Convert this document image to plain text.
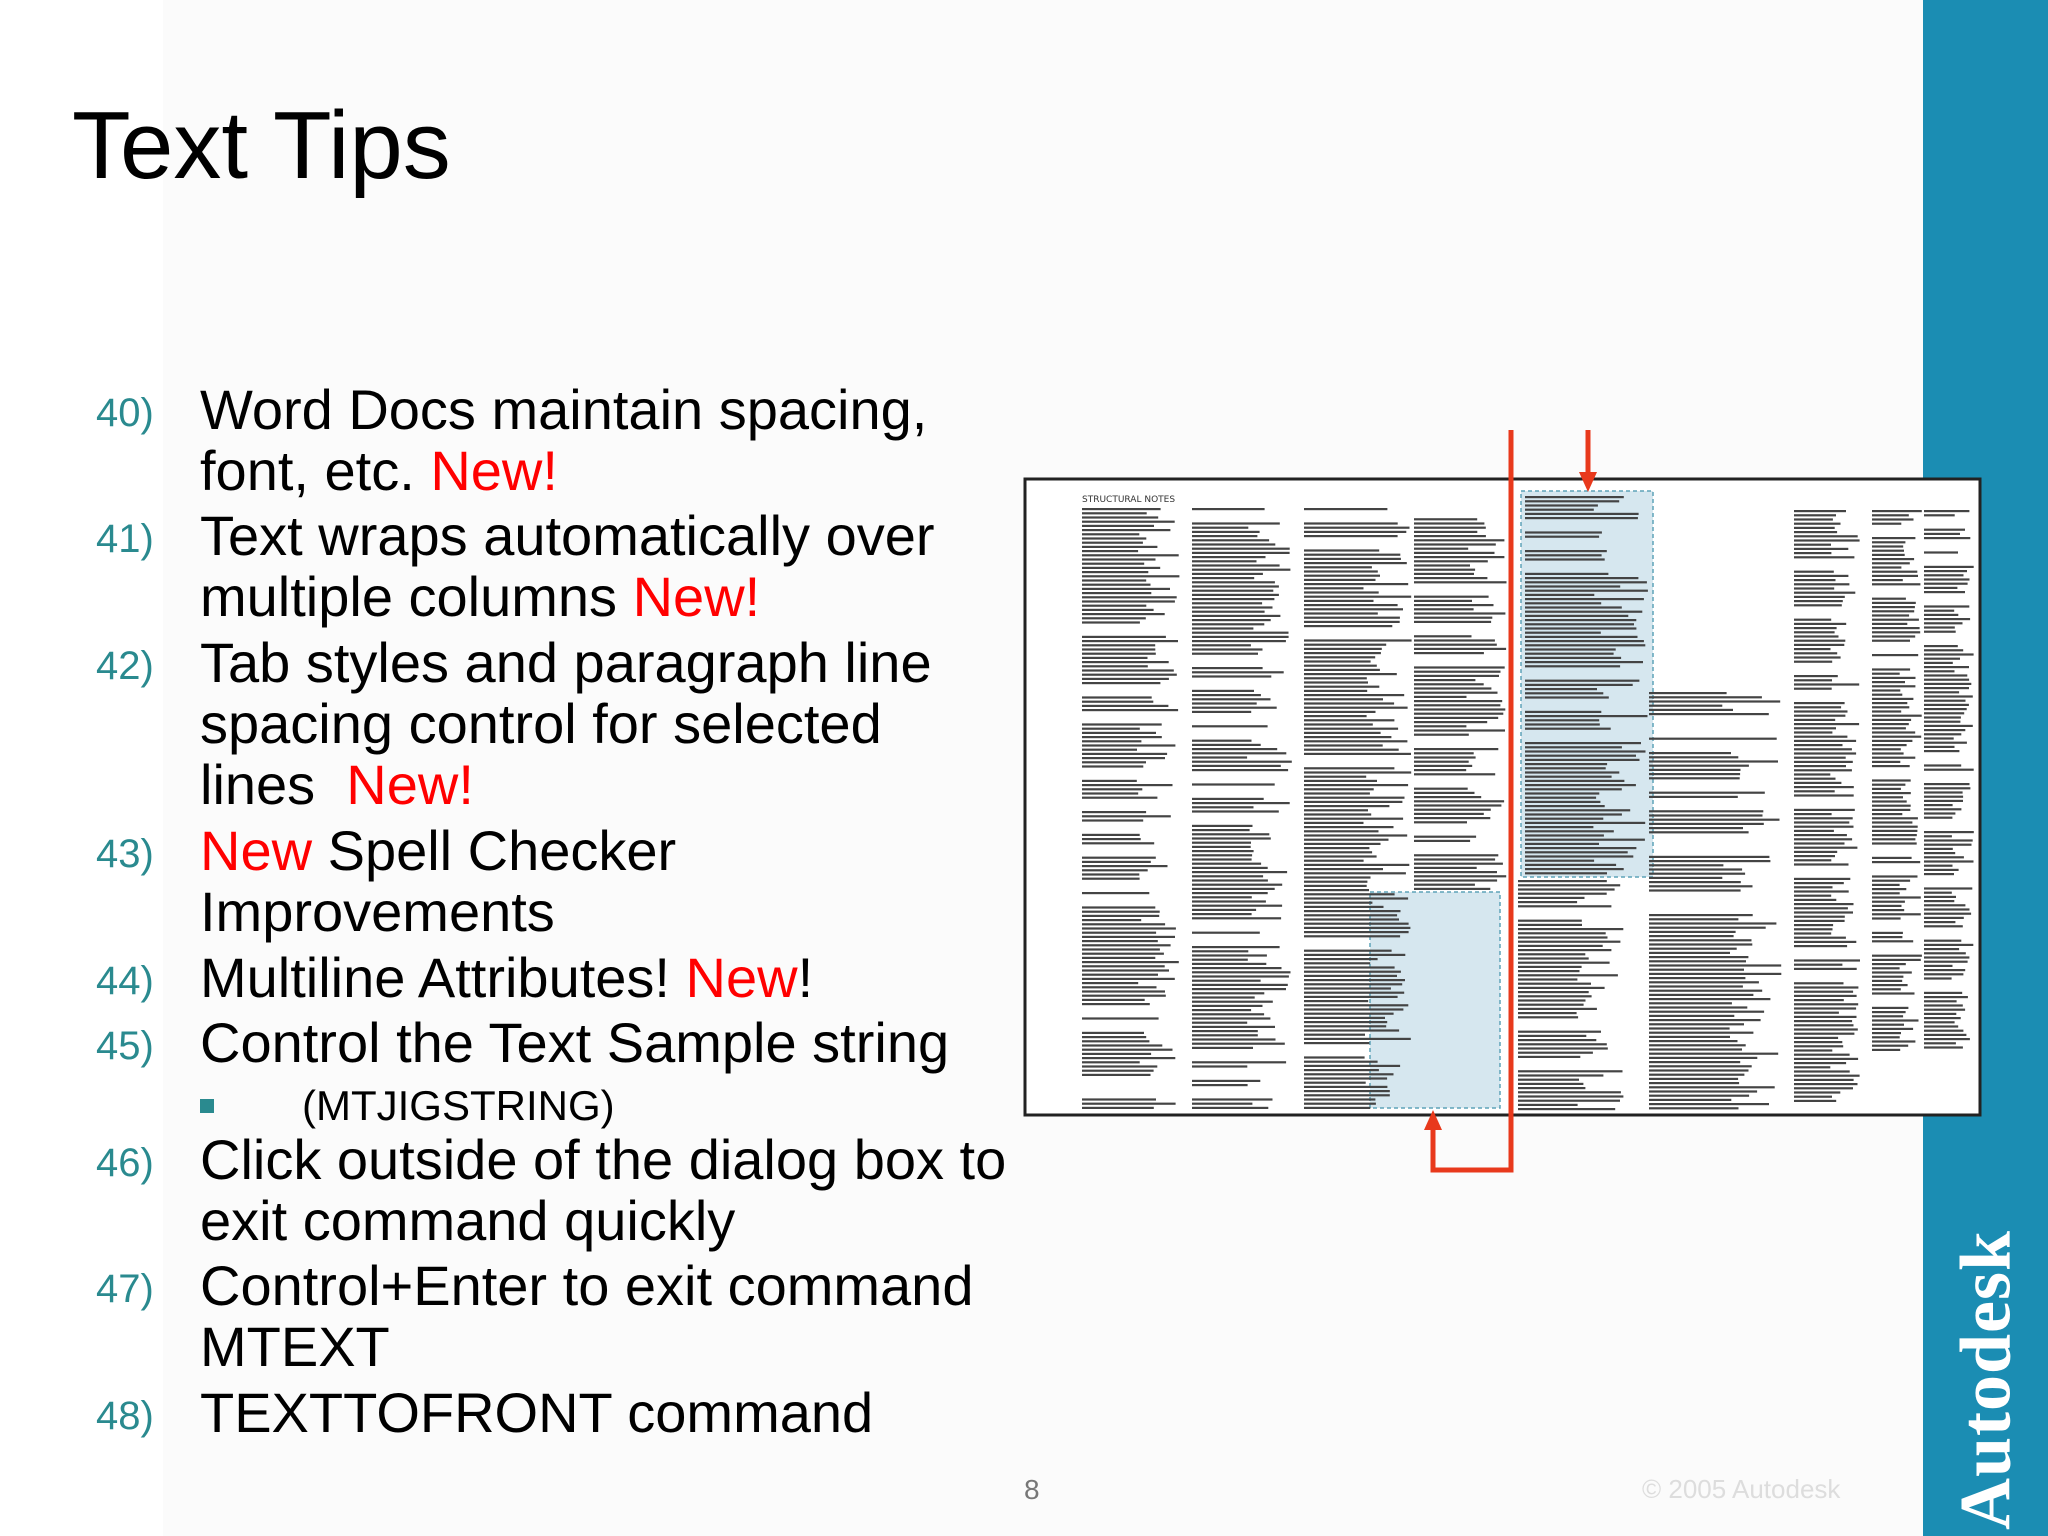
Autodesk
Text Tips
40) Word Docs maintain spacing,
font, etc. New!
41) Text wraps automatically over
multiple columns New!
42) Tab styles and paragraph line
spacing control for selected
lines  New!
43) New Spell Checker
Improvements
44) Multiline Attributes! New!
45) Control the Text Sample string
(MTJIGSTRING)
46) Click outside of the dialog box to
exit command quickly
47) Control+Enter to exit command
MTEXT
48) TEXTTOFRONT command
STRUCTURAL NOTES
8	© 2005 Autodesk
